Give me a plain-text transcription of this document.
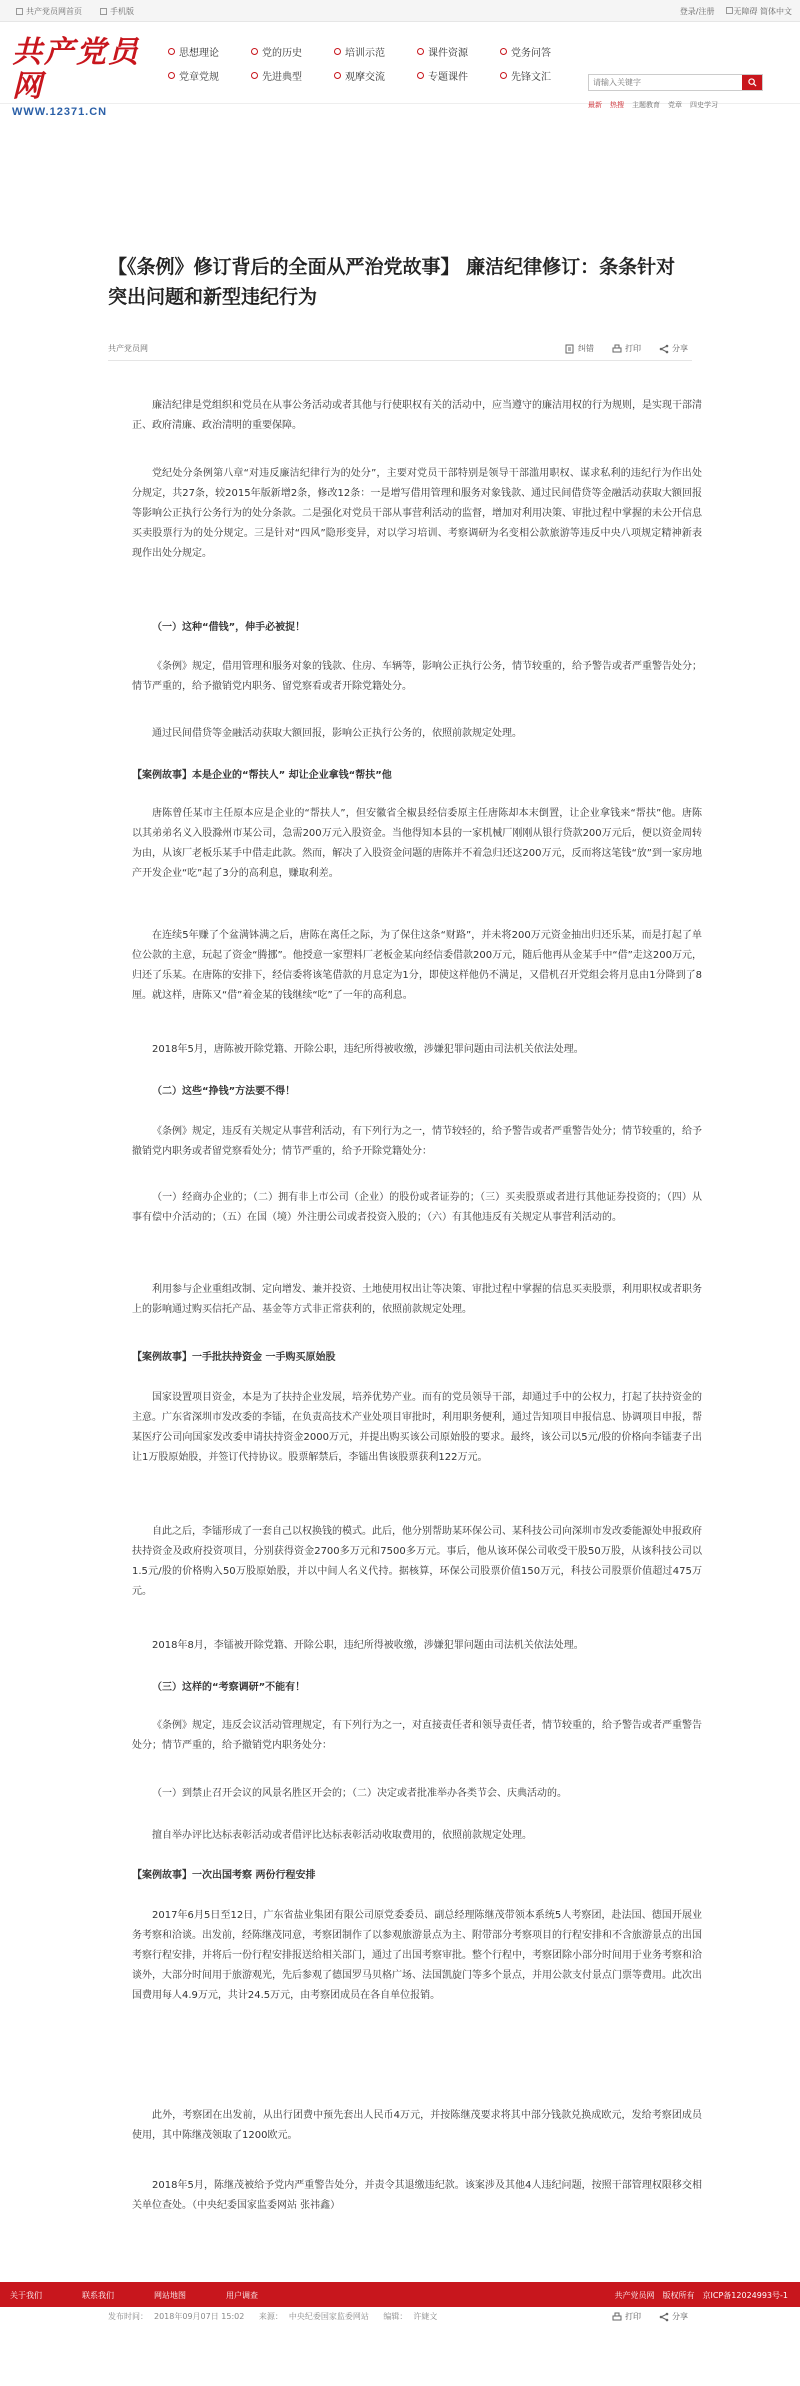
共产党员网首页	手机版	登录/注册	无障碍 简体中文
共产党员网
WWW.12371.CN
思想理论	党的历史	培训示范	课件资源	党务问答
党章党规	先进典型	观摩交流	专题课件	先锋文汇
请输入关键字
最新 热搜 主题教育 党章 四史学习
【《条例》修订背后的全面从严治党故事】 廉洁纪律修订：条条针对突出问题和新型违纪行为
共产党员网	纠错	打印	分享

廉洁纪律是党组织和党员在从事公务活动或者其他与行使职权有关的活动中，应当遵守的廉洁用权的行为规则，是实现干部清正、政府清廉、政治清明的重要保障。

党纪处分条例第八章“对违反廉洁纪律行为的处分”，主要对党员干部特别是领导干部滥用职权、谋求私利的违纪行为作出处分规定，共27条，较2015年版新增2条，修改12条：一是增写借用管理和服务对象钱款、通过民间借贷等金融活动获取大额回报等影响公正执行公务行为的处分条款。二是强化对党员干部从事营利活动的监督，增加对利用决策、审批过程中掌握的未公开信息买卖股票行为的处分规定。三是针对“四风”隐形变异，对以学习培训、考察调研为名变相公款旅游等违反中央八项规定精神新表现作出处分规定。

（一）这种“借钱”，伸手必被捉！

《条例》规定，借用管理和服务对象的钱款、住房、车辆等，影响公正执行公务，情节较重的，给予警告或者严重警告处分；情节严重的，给予撤销党内职务、留党察看或者开除党籍处分。

通过民间借贷等金融活动获取大额回报，影响公正执行公务的，依照前款规定处理。

【案例故事】本是企业的“帮扶人” 却让企业拿钱“帮扶”他

唐陈曾任某市主任原本应是企业的“帮扶人”，但安徽省全椒县经信委原主任唐陈却本末倒置，让企业拿钱来“帮扶”他。唐陈以其弟弟名义入股滁州市某公司，急需200万元入股资金。当他得知本县的一家机械厂刚刚从银行贷款200万元后，便以资金周转为由，从该厂老板乐某手中借走此款。然而，解决了入股资金问题的唐陈并不着急归还这200万元，反而将这笔钱“放”到一家房地产开发企业“吃”起了3分的高利息，赚取利差。

在连续5年赚了个盆满钵满之后，唐陈在离任之际，为了保住这条“财路”，并未将200万元资金抽出归还乐某，而是打起了单位公款的主意，玩起了资金“腾挪”。他授意一家塑料厂老板金某向经信委借款200万元，随后他再从金某手中“借”走这200万元，归还了乐某。在唐陈的安排下，经信委将该笔借款的月息定为1分，即使这样他仍不满足，又借机召开党组会将月息由1分降到了8厘。就这样，唐陈又“借”着金某的钱继续“吃”了一年的高利息。

2018年5月，唐陈被开除党籍、开除公职，违纪所得被收缴，涉嫌犯罪问题由司法机关依法处理。

（二）这些“挣钱”方法要不得！

《条例》规定，违反有关规定从事营利活动，有下列行为之一，情节较轻的，给予警告或者严重警告处分；情节较重的，给予撤销党内职务或者留党察看处分；情节严重的，给予开除党籍处分：

（一）经商办企业的；（二）拥有非上市公司（企业）的股份或者证券的；（三）买卖股票或者进行其他证券投资的；（四）从事有偿中介活动的；（五）在国（境）外注册公司或者投资入股的；（六）有其他违反有关规定从事营利活动的。

利用参与企业重组改制、定向增发、兼并投资、土地使用权出让等决策、审批过程中掌握的信息买卖股票，利用职权或者职务上的影响通过购买信托产品、基金等方式非正常获利的，依照前款规定处理。

【案例故事】一手批扶持资金 一手购买原始股

国家设置项目资金，本是为了扶持企业发展，培养优势产业。而有的党员领导干部，却通过手中的公权力，打起了扶持资金的主意。广东省深圳市发改委的李镭，在负责高技术产业处项目审批时，利用职务便利，通过告知项目申报信息、协调项目申报，帮某医疗公司向国家发改委申请扶持资金2000万元，并提出购买该公司原始股的要求。最终，该公司以5元/股的价格向李镭妻子出让1万股原始股，并签订代持协议。股票解禁后，李镭出售该股票获利122万元。

自此之后，李镭形成了一套自己以权换钱的模式。此后，他分别帮助某环保公司、某科技公司向深圳市发改委能源处申报政府扶持资金及政府投资项目，分别获得资金2700多万元和7500多万元。事后，他从该环保公司收受干股50万股，从该科技公司以1.5元/股的价格购入50万股原始股，并以中间人名义代持。据核算，环保公司股票价值150万元，科技公司股票价值超过475万元。

2018年8月，李镭被开除党籍、开除公职，违纪所得被收缴，涉嫌犯罪问题由司法机关依法处理。

（三）这样的“考察调研”不能有！

《条例》规定，违反会议活动管理规定，有下列行为之一，对直接责任者和领导责任者，情节较重的，给予警告或者严重警告处分；情节严重的，给予撤销党内职务处分：

（一）到禁止召开会议的风景名胜区开会的；（二）决定或者批准举办各类节会、庆典活动的。

擅自举办评比达标表彰活动或者借评比达标表彰活动收取费用的，依照前款规定处理。

【案例故事】一次出国考察 两份行程安排

2017年6月5日至12日，广东省盐业集团有限公司原党委委员、副总经理陈继茂带领本系统5人考察团，赴法国、德国开展业务考察和洽谈。出发前，经陈继茂同意，考察团制作了以参观旅游景点为主、附带部分考察项目的行程安排和不含旅游景点的出国考察行程安排，并将后一份行程安排报送给相关部门，通过了出国考察审批。整个行程中，考察团除小部分时间用于业务考察和洽谈外，大部分时间用于旅游观光，先后参观了德国罗马贝格广场、法国凯旋门等多个景点，并用公款支付景点门票等费用。此次出国费用每人4.9万元，共计24.5万元，由考察团成员在各自单位报销。

此外，考察团在出发前，从出行团费中预先套出人民币4万元，并按陈继茂要求将其中部分钱款兑换成欧元，发给考察团成员使用，其中陈继茂领取了1200欧元。

2018年5月，陈继茂被给予党内严重警告处分，并责令其退缴违纪款。该案涉及其他4人违纪问题，按照干部管理权限移交相关单位查处。（中央纪委国家监委网站 张祎鑫）

发布时间： 2018年09月07日 15:02 来源： 中央纪委国家监委网站 编辑： 许婕文	打印	分享
关于我们	联系我们	网站地图	用户调查	共产党员网 版权所有 京ICP备12024993号-1
